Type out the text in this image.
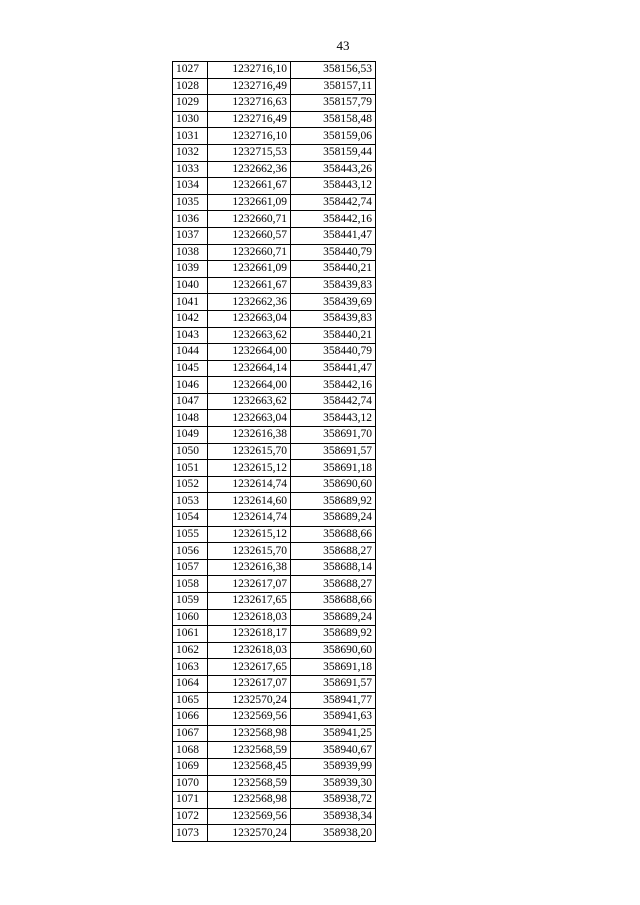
43
1027	1232716,10	358156,53
1028	1232716,49	358157,11
1029	1232716,63	358157,79
1030	1232716,49	358158,48
1031	1232716,10	358159,06
1032	1232715,53	358159,44
1033	1232662,36	358443,26
1034	1232661,67	358443,12
1035	1232661,09	358442,74
1036	1232660,71	358442,16
1037	1232660,57	358441,47
1038	1232660,71	358440,79
1039	1232661,09	358440,21
1040	1232661,67	358439,83
1041	1232662,36	358439,69
1042	1232663,04	358439,83
1043	1232663,62	358440,21
1044	1232664,00	358440,79
1045	1232664,14	358441,47
1046	1232664,00	358442,16
1047	1232663,62	358442,74
1048	1232663,04	358443,12
1049	1232616,38	358691,70
1050	1232615,70	358691,57
1051	1232615,12	358691,18
1052	1232614,74	358690,60
1053	1232614,60	358689,92
1054	1232614,74	358689,24
1055	1232615,12	358688,66
1056	1232615,70	358688,27
1057	1232616,38	358688,14
1058	1232617,07	358688,27
1059	1232617,65	358688,66
1060	1232618,03	358689,24
1061	1232618,17	358689,92
1062	1232618,03	358690,60
1063	1232617,65	358691,18
1064	1232617,07	358691,57
1065	1232570,24	358941,77
1066	1232569,56	358941,63
1067	1232568,98	358941,25
1068	1232568,59	358940,67
1069	1232568,45	358939,99
1070	1232568,59	358939,30
1071	1232568,98	358938,72
1072	1232569,56	358938,34
1073	1232570,24	358938,20
